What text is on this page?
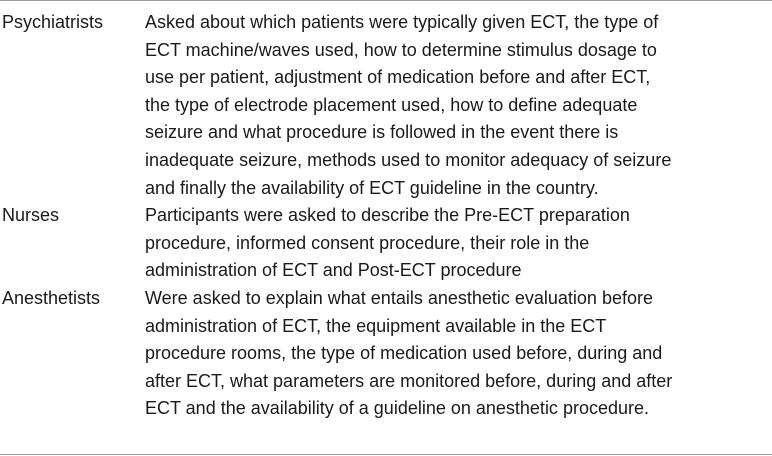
Psychiatrists	Asked about which patients were typically given ECT, the type of
ECT machine/waves used, how to determine stimulus dosage to
use per patient, adjustment of medication before and after ECT,
the type of electrode placement used, how to define adequate
seizure and what procedure is followed in the event there is
inadequate seizure, methods used to monitor adequacy of seizure
and finally the availability of ECT guideline in the country.
Nurses	Participants were asked to describe the Pre-ECT preparation
procedure, informed consent procedure, their role in the
administration of ECT and Post-ECT procedure
Anesthetists	Were asked to explain what entails anesthetic evaluation before
administration of ECT, the equipment available in the ECT
procedure rooms, the type of medication used before, during and
after ECT, what parameters are monitored before, during and after
ECT and the availability of a guideline on anesthetic procedure.
